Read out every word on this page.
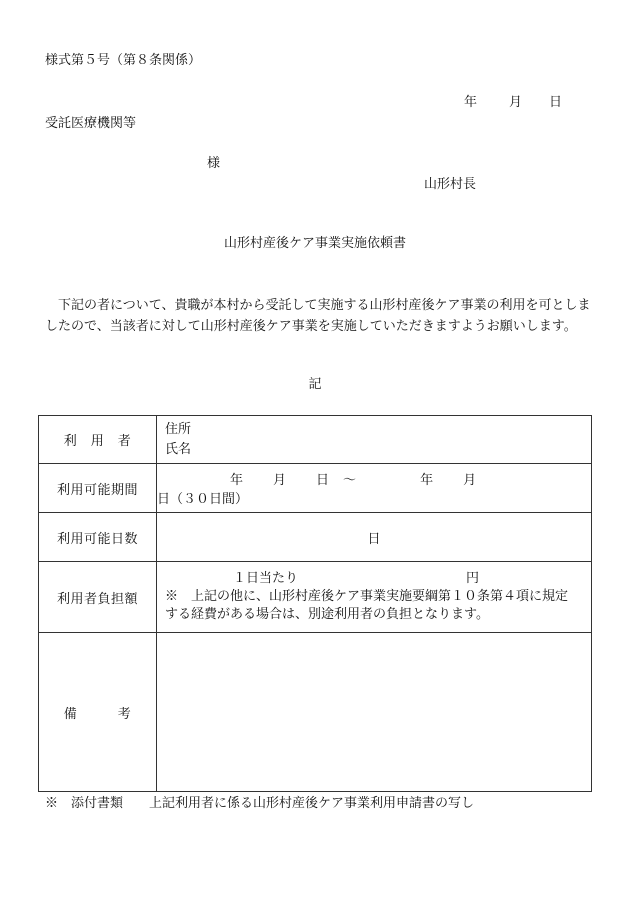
様式第５号（第８条関係）
年 月 日
受託医療機関等
様
山形村長
山形村産後ケア事業実施依頼書
下記の者について、貴職が本村から受託して実施する山形村産後ケア事業の利用を可としましたので、当該者に対して山形村産後ケア事業を実施していただきますようお願いします。
記
利　用　者	住所
氏名

利用可能期間	年 月 日 ～ 年 月日（３０日間）
利用可能日数	日
利用者負担額	１日当たり 円
※　上記の他に、山形村産後ケア事業実施要綱第１０条第４項に規定
する経費がある場合は、別途利用者の負担となります。

備　　　考	
※　添付書類 上記利用者に係る山形村産後ケア事業利用申請書の写し
